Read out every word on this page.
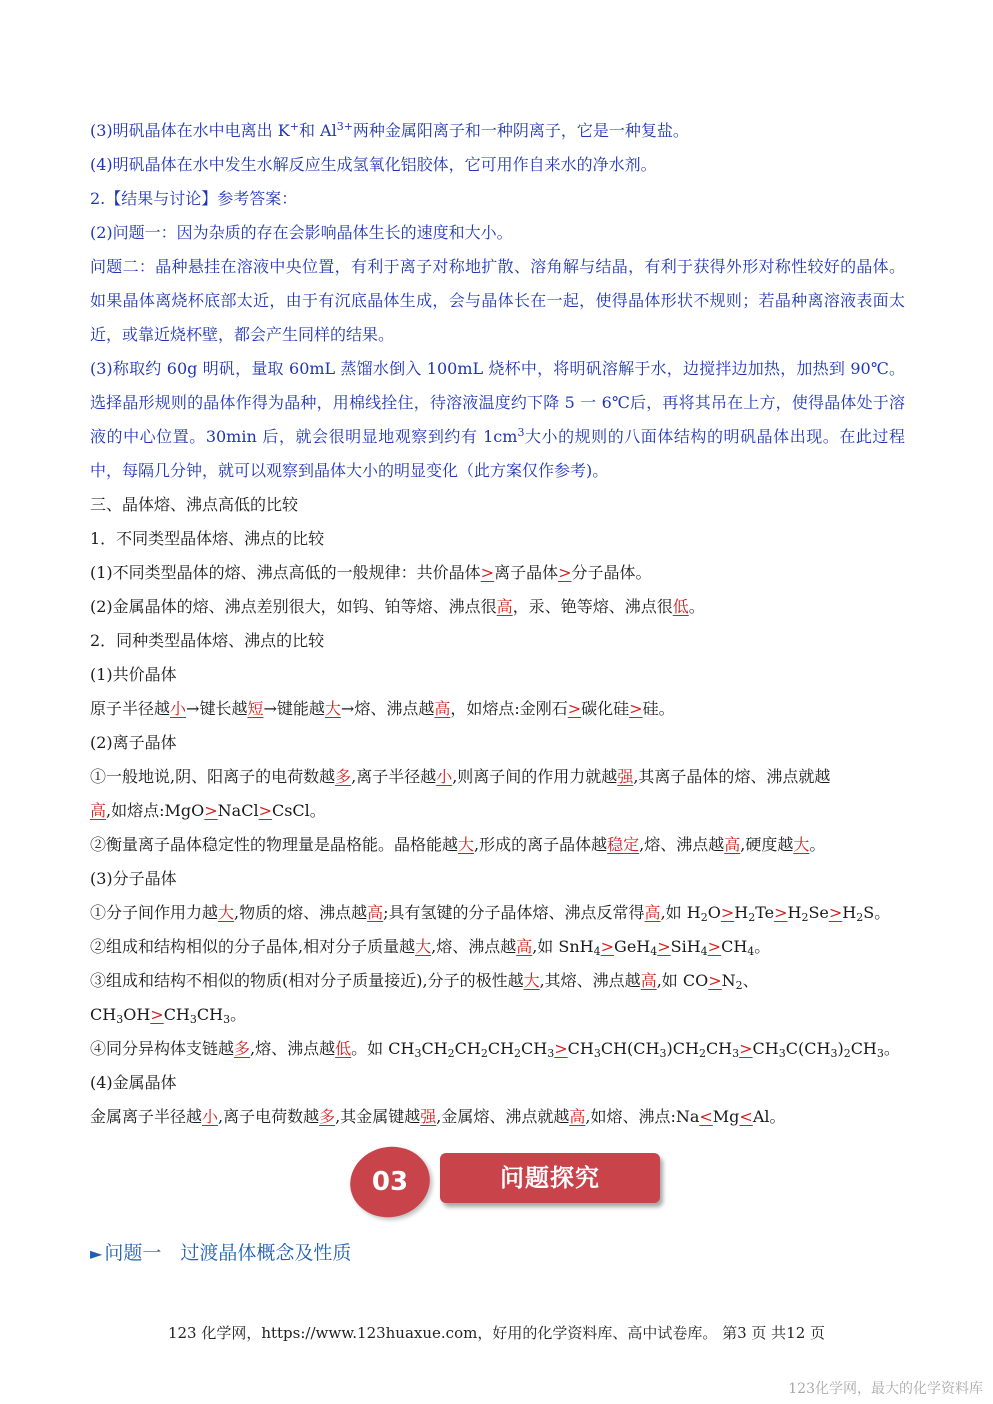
(3)明矾晶体在水中电离出 K+和 $Al^{3+}$两种金属阳离子和一种阴离子，它是一种复盐。

(4)明矾晶体在水中发生水解反应生成氢氧化铝胶体，它可用作自来水的净水剂。

2.【结果与讨论】参考答案：

(2)问题一：因为杂质的存在会影响晶体生长的速度和大小。

问题二：晶种悬挂在溶液中央位置，有利于离子对称地扩散、溶角解与结晶，有利于获得外形对称性较好的晶体。如果晶体离烧杯底部太近，由于有沉底晶体生成，会与晶体长在一起，使得晶体形状不规则；若晶种离溶液表面太近，或靠近烧杯壁，都会产生同样的结果。

(3)称取约 60g 明矾，量取 60mL 蒸馏水倒入 100mL 烧杯中，将明矾溶解于水，边搅拌边加热，加热到 90℃。选择晶形规则的晶体作得为晶种，用棉线拴住，待溶液温度约下降 5 一 6℃后，再将其吊在上方，使得晶体处于溶液的中心位置。30min 后，就会很明显地观察到约有 $1cm^3$大小的规则的八面体结构的明矾晶体出现。在此过程中，每隔几分钟，就可以观察到晶体大小的明显变化（此方案仅作参考)。

三、晶体熔、沸点高低的比较

1．不同类型晶体熔、沸点的比较

(1)不同类型晶体的熔、沸点高低的一般规律：共价晶体>离子晶体>分子晶体。

(2)金属晶体的熔、沸点差别很大，如钨、铂等熔、沸点很高，汞、铯等熔、沸点很低。

2．同种类型晶体熔、沸点的比较

(1)共价晶体

原子半径越小→键长越短→键能越大→熔、沸点越高，如熔点:金刚石>碳化硅>硅。

(2)离子晶体

①一般地说,阴、阳离子的电荷数越多,离子半径越小,则离子间的作用力就越强,其离子晶体的熔、沸点就越

高,如熔点:MgO>NaCl>CsCl。

②衡量离子晶体稳定性的物理量是晶格能。晶格能越大,形成的离子晶体越稳定,熔、沸点越高,硬度越大。

(3)分子晶体

①分子间作用力越大,物质的熔、沸点越高;具有氢键的分子晶体熔、沸点反常得高,如 $H_2O>H_2Te>H_2Se>H_2S$。

②组成和结构相似的分子晶体,相对分子质量越大,熔、沸点越高,如 $SnH_4>GeH_4>SiH_4>CH_4$。

③组成和结构不相似的物质(相对分子质量接近),分子的极性越大,其熔、沸点越高,如 $CO>N_2$、

$CH_3OH>CH_3CH_3$。

④同分异构体支链越多,熔、沸点越低。如 $CH_3CH_2CH_2CH_2CH_3>CH_3CH(CH_3)CH_2CH_3>CH_3C(CH_3)_2CH_3$。

(4)金属晶体

金属离子半径越小,离子电荷数越多,其金属键越强,金属熔、沸点就越高,如熔、沸点:Na<Mg<Al。

03	问题探究
► 问题一　过渡晶体概念及性质
123 化学网，https://www.123huaxue.com，好用的化学资料库、高中试卷库。 第3 页 共12 页
123化学网，最大的化学资料库
